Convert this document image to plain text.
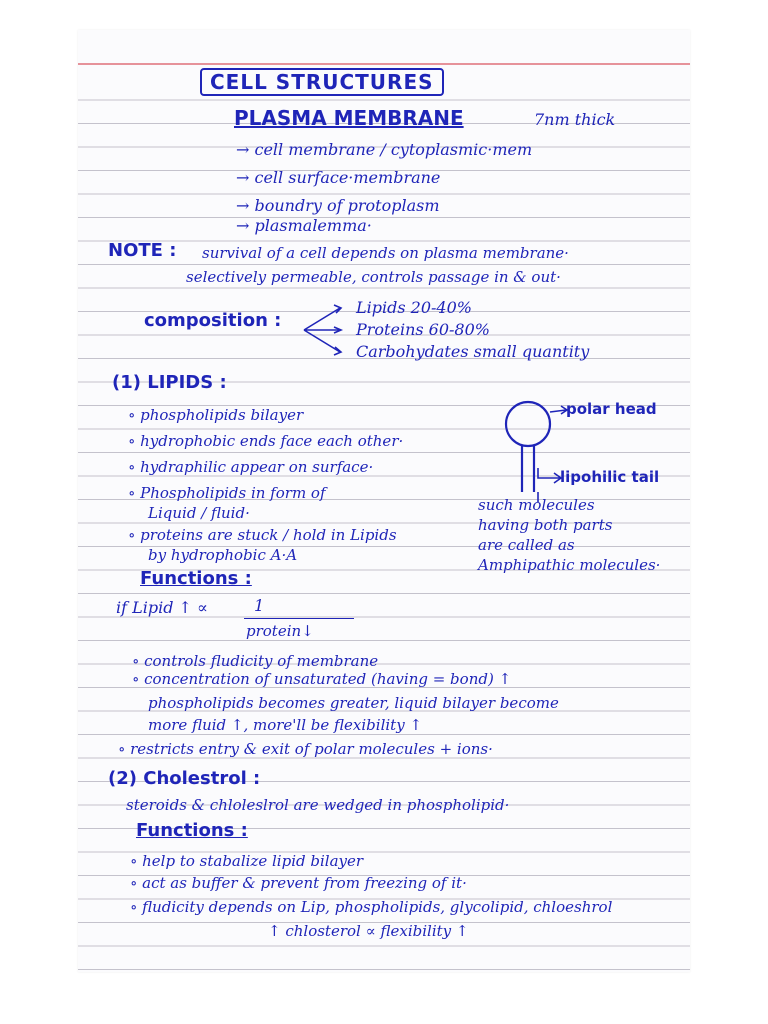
CELL STRUCTURES
PLASMA MEMBRANE	7nm thick
→ cell membrane / cytoplasmic·mem
→ cell surface·membrane
→ boundry of protoplasm
→ plasmalemma·
NOTE : survival of a cell depends on plasma membrane·
selectively permeable, controls passage in & out·
composition :
Lipids 20-40%
Proteins 60-80%
Carbohydates small quantity
(1) LIPIDS :
∘ phospholipids bilayer
∘ hydrophobic ends face each other·
∘ hydraphilic appear on surface·
∘ Phospholipids in form of
Liquid / fluid·
∘ proteins are stuck / hold in Lipids
by hydrophobic A·A
polar head
lipohilic tail
such molecules
having both parts
are called as
Amphipathic molecules·
Functions :
if Lipid ↑ ∝	1
protein↓
∘ controls fludicity of membrane
∘ concentration of unsaturated (having = bond) ↑
phospholipids becomes greater, liquid bilayer become
more fluid ↑, more'll be flexibility ↑
∘ restricts entry & exit of polar molecules + ions·
(2) Cholestrol :
steroids & chloleslrol are wedged in phospholipid·
Functions :
∘ help to stabalize lipid bilayer
∘ act as buffer & prevent from freezing of it·
∘ fludicity depends on Lip, phospholipids, glycolipid, chloeshrol
↑ chlosterol ∝ flexibility ↑
